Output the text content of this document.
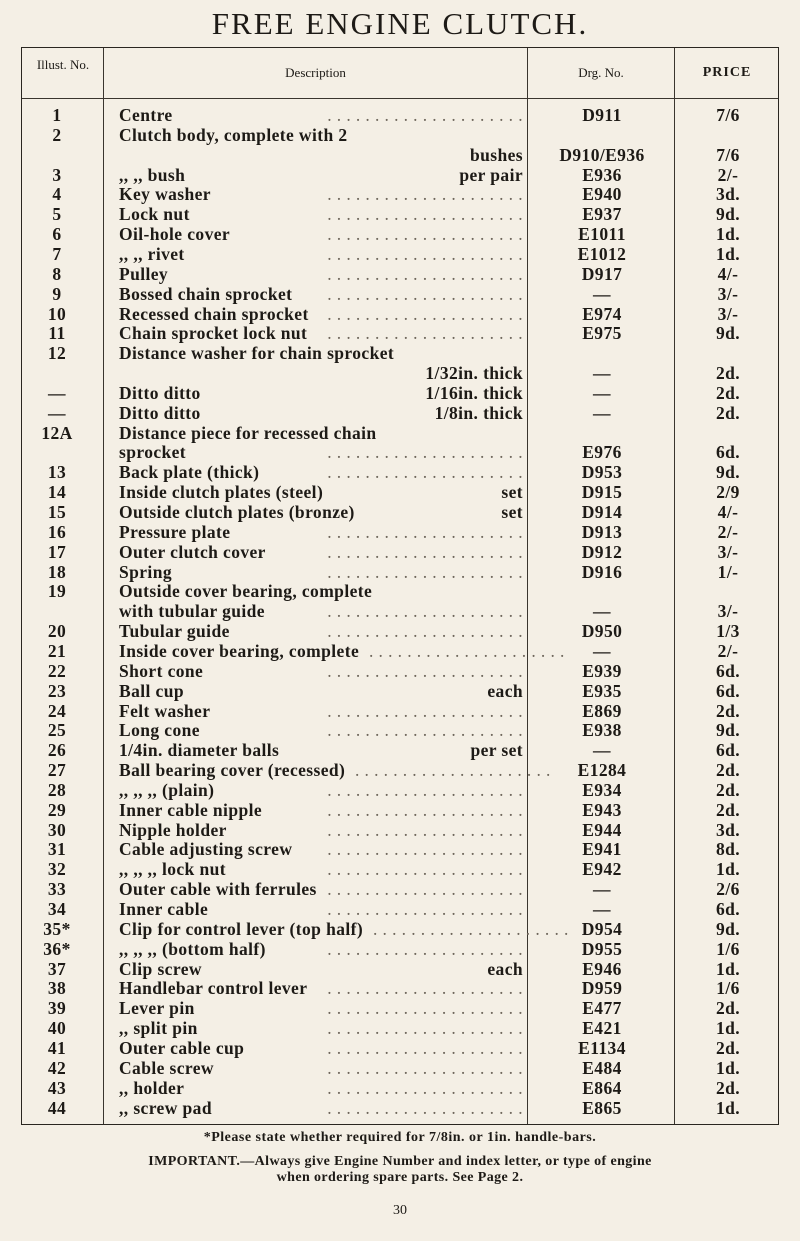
FREE ENGINE CLUTCH.
Illust. No.
Description	Drg. No.	PRICE
1	Centre	D911	7/6
. . . . . . . . . . . . . . . . . . . . .
2	Clutch body, complete with 2
bushes	D910/E936	7/6
3	,, ,, bush	per pair	E936	2/-
4	Key washer	E940	3d.
. . . . . . . . . . . . . . . . . . . . .
5	Lock nut	E937	9d.
. . . . . . . . . . . . . . . . . . . . .
6	Oil-hole cover	E1011	1d.
. . . . . . . . . . . . . . . . . . . . .
7	,, ,, rivet	E1012	1d.
. . . . . . . . . . . . . . . . . . . . .
8	Pulley	D917	4/-
. . . . . . . . . . . . . . . . . . . . .
9	Bossed chain sprocket	—	3/-
. . . . . . . . . . . . . . . . . . . . .
10	Recessed chain sprocket	E974	3/-
. . . . . . . . . . . . . . . . . . . . .
11	Chain sprocket lock nut	E975	9d.
. . . . . . . . . . . . . . . . . . . . .
12	Distance washer for chain sprocket
1/32in. thick	—	2d.
—	Ditto ditto	1/16in. thick	—	2d.
—	Ditto ditto	1/8in. thick	—	2d.
12A	Distance piece for recessed chain
sprocket	E976	6d.
. . . . . . . . . . . . . . . . . . . . .
13	Back plate (thick)	D953	9d.
. . . . . . . . . . . . . . . . . . . . .
14	Inside clutch plates (steel)	set	D915	2/9
15	Outside clutch plates (bronze)	set	D914	4/-
16	Pressure plate	D913	2/-
. . . . . . . . . . . . . . . . . . . . .
17	Outer clutch cover	D912	3/-
. . . . . . . . . . . . . . . . . . . . .
18	Spring	D916	1/-
. . . . . . . . . . . . . . . . . . . . .
19	Outside cover bearing, complete
with tubular guide	—	3/-
. . . . . . . . . . . . . . . . . . . . .
20	Tubular guide	D950	1/3
. . . . . . . . . . . . . . . . . . . . .
21	Inside cover bearing, complete	—	2/-
. . . . . . . . . . . . . . . . . . . . .
22	Short cone	E939	6d.
. . . . . . . . . . . . . . . . . . . . .
23	Ball cup	each	E935	6d.
24	Felt washer	E869	2d.
. . . . . . . . . . . . . . . . . . . . .
25	Long cone	E938	9d.
. . . . . . . . . . . . . . . . . . . . .
26	1/4in. diameter balls	per set	—	6d.
27	Ball bearing cover (recessed)	E1284	2d.
. . . . . . . . . . . . . . . . . . . . .
28	,, ,, ,, (plain)	E934	2d.
. . . . . . . . . . . . . . . . . . . . .
29	Inner cable nipple	E943	2d.
. . . . . . . . . . . . . . . . . . . . .
30	Nipple holder	E944	3d.
. . . . . . . . . . . . . . . . . . . . .
31	Cable adjusting screw	E941	8d.
. . . . . . . . . . . . . . . . . . . . .
32	,, ,, ,, lock nut	E942	1d.
. . . . . . . . . . . . . . . . . . . . .
33	Outer cable with ferrules	—	2/6
. . . . . . . . . . . . . . . . . . . . .
34	Inner cable	—	6d.
. . . . . . . . . . . . . . . . . . . . .
35*	Clip for control lever (top half)	D954	9d.
. . . . . . . . . . . . . . . . . . . . .
36*	,, ,, ,, (bottom half)	D955	1/6
. . . . . . . . . . . . . . . . . . . . .
37	Clip screw	each	E946	1d.
38	Handlebar control lever	D959	1/6
. . . . . . . . . . . . . . . . . . . . .
39	Lever pin	E477	2d.
. . . . . . . . . . . . . . . . . . . . .
40	,, split pin	E421	1d.
. . . . . . . . . . . . . . . . . . . . .
41	Outer cable cup	E1134	2d.
. . . . . . . . . . . . . . . . . . . . .
42	Cable screw	E484	1d.
. . . . . . . . . . . . . . . . . . . . .
43	,, holder	E864	2d.
. . . . . . . . . . . . . . . . . . . . .
44	,, screw pad	E865	1d.
. . . . . . . . . . . . . . . . . . . . .
*Please state whether required for 7/8in. or 1in. handle-bars.
IMPORTANT.—Always give Engine Number and index letter, or type of engine
when ordering spare parts. See Page 2.
30
